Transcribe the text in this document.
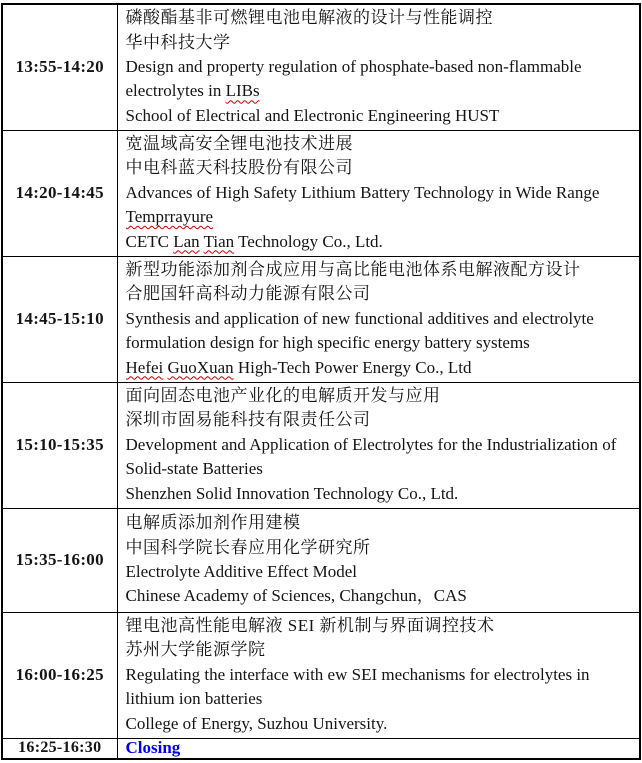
13:55-14:20	磷酸酯基非可燃锂电池电解液的设计与性能调控
华中科技大学
Design and property regulation of phosphate-based non-flammable
electrolytes in LIBs
School of Electrical and Electronic Engineering HUST

14:20-14:45	宽温域高安全锂电池技术进展
中电科蓝天科技股份有限公司
Advances of High Safety Lithium Battery Technology in Wide Range
Temprrayure
CETC Lan Tian Technology Co., Ltd.

14:45-15:10	新型功能添加剂合成应用与高比能电池体系电解液配方设计
合肥国轩高科动力能源有限公司
Synthesis and application of new functional additives and electrolyte
formulation design for high specific energy battery systems
Hefei GuoXuan High-Tech Power Energy Co., Ltd

15:10-15:35	面向固态电池产业化的电解质开发与应用
深圳市固易能科技有限责任公司
Development and Application of Electrolytes for the Industrialization of
Solid-state Batteries
Shenzhen Solid Innovation Technology Co., Ltd.

15:35-16:00	电解质添加剂作用建模
中国科学院长春应用化学研究所
Electrolyte Additive Effect Model
Chinese Academy of Sciences, Changchun，CAS

16:00-16:25	锂电池高性能电解液 SEI 新机制与界面调控技术
苏州大学能源学院
Regulating the interface with ew SEI mechanisms for electrolytes in
lithium ion batteries
College of Energy, Suzhou University.

16:25-16:30	Closing
